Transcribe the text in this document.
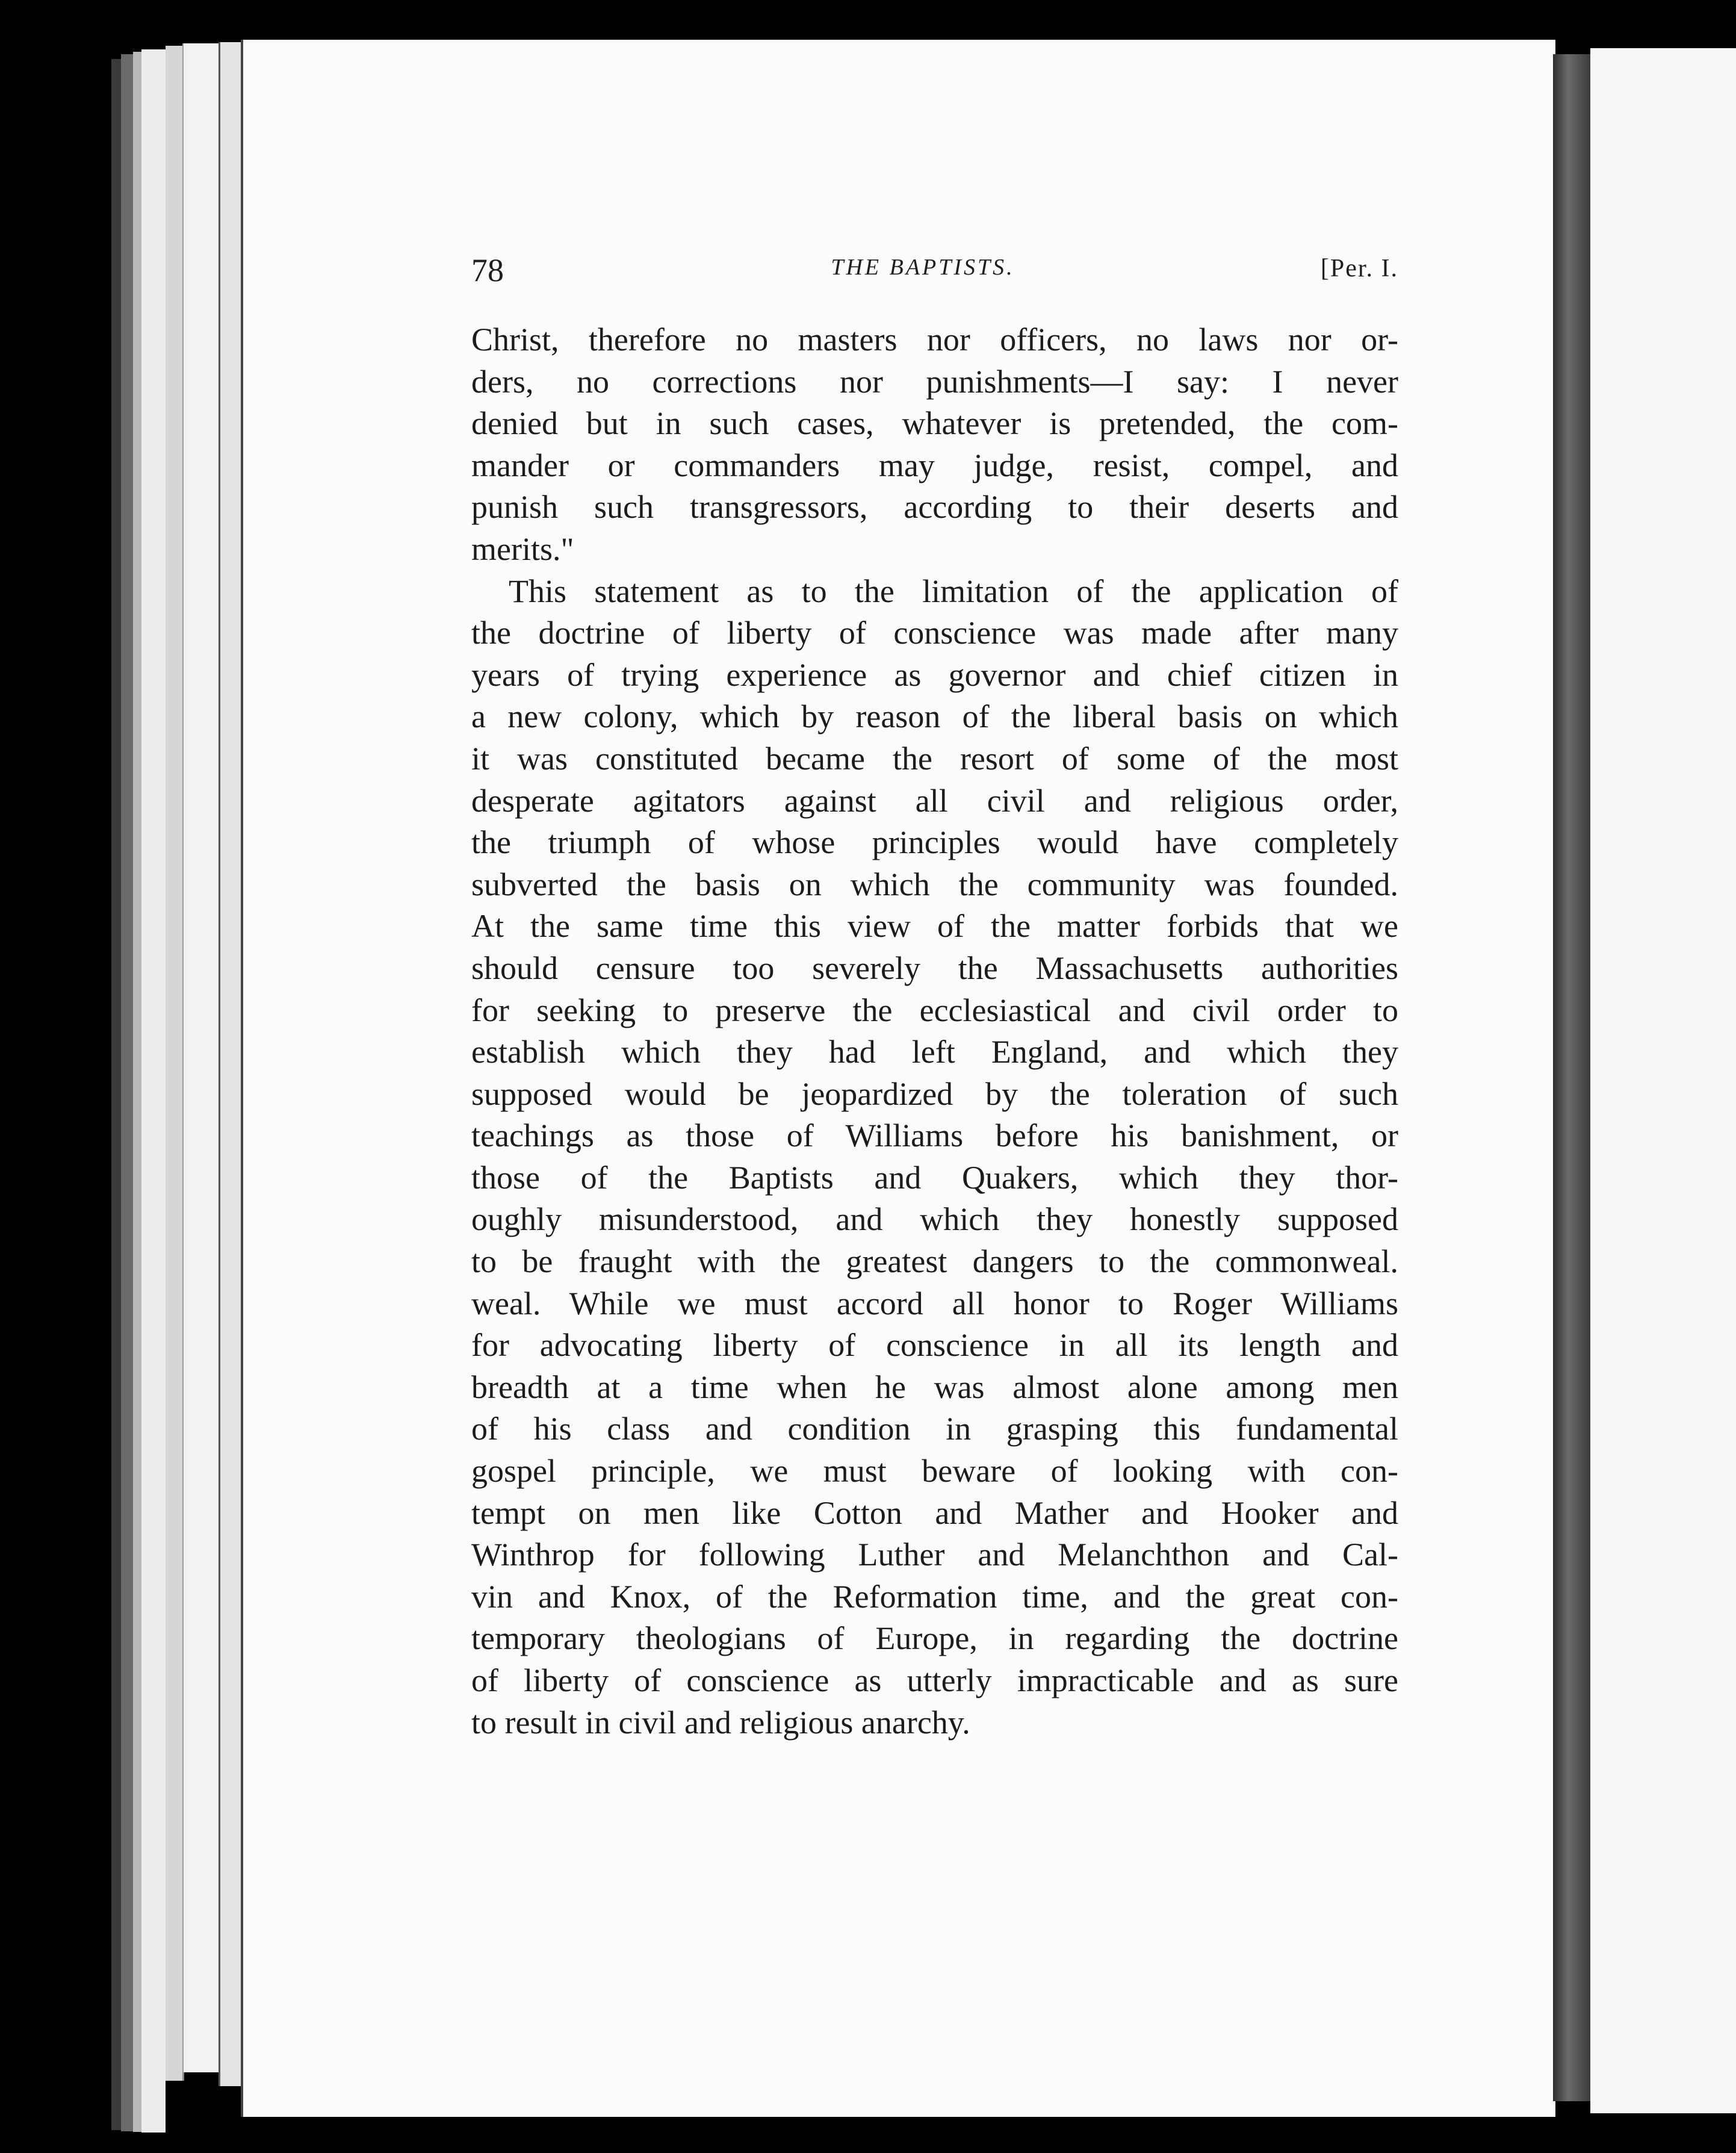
78	THE BAPTISTS.	[Per. I.
Christ, therefore no masters nor officers, no laws nor or-
ders, no corrections nor punishments—I say: I never
denied but in such cases, whatever is pretended, the com-
mander or commanders may judge, resist, compel, and
punish such transgressors, according to their deserts and
merits."
This statement as to the limitation of the application of
the doctrine of liberty of conscience was made after many
years of trying experience as governor and chief citizen in
a new colony, which by reason of the liberal basis on which
it was constituted became the resort of some of the most
desperate agitators against all civil and religious order,
the triumph of whose principles would have completely
subverted the basis on which the community was founded.
At the same time this view of the matter forbids that we
should censure too severely the Massachusetts authorities
for seeking to preserve the ecclesiastical and civil order to
establish which they had left England, and which they
supposed would be jeopardized by the toleration of such
teachings as those of Williams before his banishment, or
those of the Baptists and Quakers, which they thor-
oughly misunderstood, and which they honestly supposed
to be fraught with the greatest dangers to the commonweal.
weal. While we must accord all honor to Roger Williams
for advocating liberty of conscience in all its length and
breadth at a time when he was almost alone among men
of his class and condition in grasping this fundamental
gospel principle, we must beware of looking with con-
tempt on men like Cotton and Mather and Hooker and
Winthrop for following Luther and Melanchthon and Cal-
vin and Knox, of the Reformation time, and the great con-
temporary theologians of Europe, in regarding the doctrine
of liberty of conscience as utterly impracticable and as sure
to result in civil and religious anarchy.
